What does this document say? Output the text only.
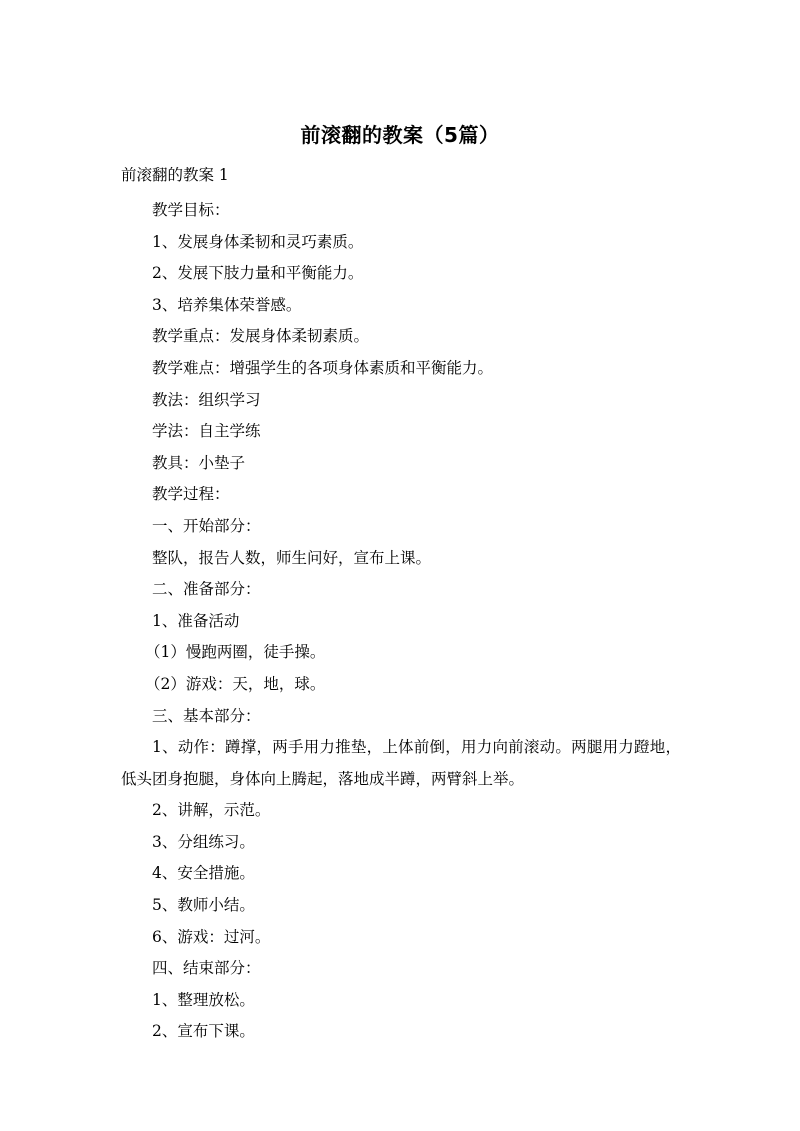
前滚翻的教案（5篇）
前滚翻的教案 1
教学目标：
1、发展身体柔韧和灵巧素质。
2、发展下肢力量和平衡能力。
3、培养集体荣誉感。
教学重点：发展身体柔韧素质。
教学难点：增强学生的各项身体素质和平衡能力。
教法：组织学习
学法：自主学练
教具：小垫子
教学过程：
一、开始部分：
整队，报告人数，师生问好，宣布上课。
二、准备部分：
1、准备活动
（1）慢跑两圈，徒手操。
（2）游戏：天，地，球。
三、基本部分：
1、动作：蹲撑，两手用力推垫，上体前倒，用力向前滚动。两腿用力蹬地，低头团身抱腿，身体向上腾起，落地成半蹲，两臂斜上举。
2、讲解，示范。
3、分组练习。
4、安全措施。
5、教师小结。
6、游戏：过河。
四、结束部分：
1、整理放松。
2、宣布下课。
